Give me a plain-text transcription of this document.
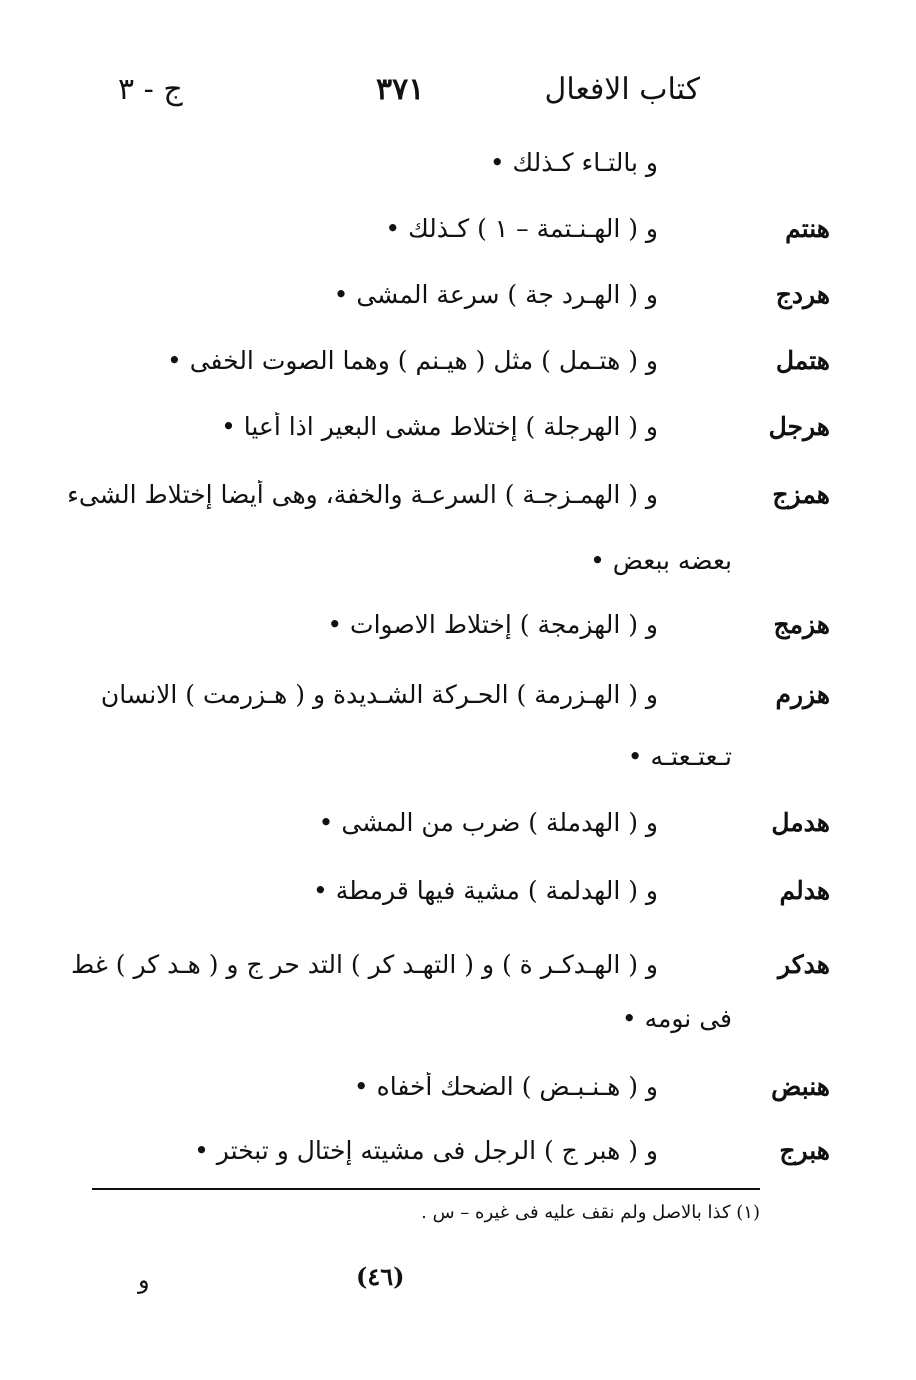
كتاب الافعال
٣٧١
ج - ٣
و بالتـاء كـذلك •
هنتم
و ( الهـنـتمة – ١ ) كـذلك •
هردج
و ( الهـرد جة ) سرعة المشى •
هتمل
و ( هتـمل ) مثل ( هيـنم ) وهما الصوت الخفى •
هرجل
و ( الهرجلة ) إختلاط مشى البعير اذا أعيا •
همزج
و ( الهمـزجـة ) السرعـة والخفة، وهى أيضا إختلاط الشىء
بعضه ببعض •
هزمج
و ( الهزمجة ) إختلاط الاصوات •
هزرم
و ( الهـزرمة ) الحـركة الشـديدة و ( هـزرمت ) الانسان
تـعتـعتـه •
هدمل
و ( الهدملة ) ضرب من المشى •
هدلم
و ( الهدلمة ) مشية فيها قرمطة •
هدكر
و ( الهـدكـر ة ) و ( التهـد كر ) التد حر ج و ( هـد كر ) غط
فى نومه •
هنبض
و ( هـنـبـض ) الضحك أخفاه •
هبرج
و ( هبر ج ) الرجل فى مشيته إختال و تبختر •
(١) كذا بالاصل ولم نقف عليه فى غيره – س .
(٤٦)
و
